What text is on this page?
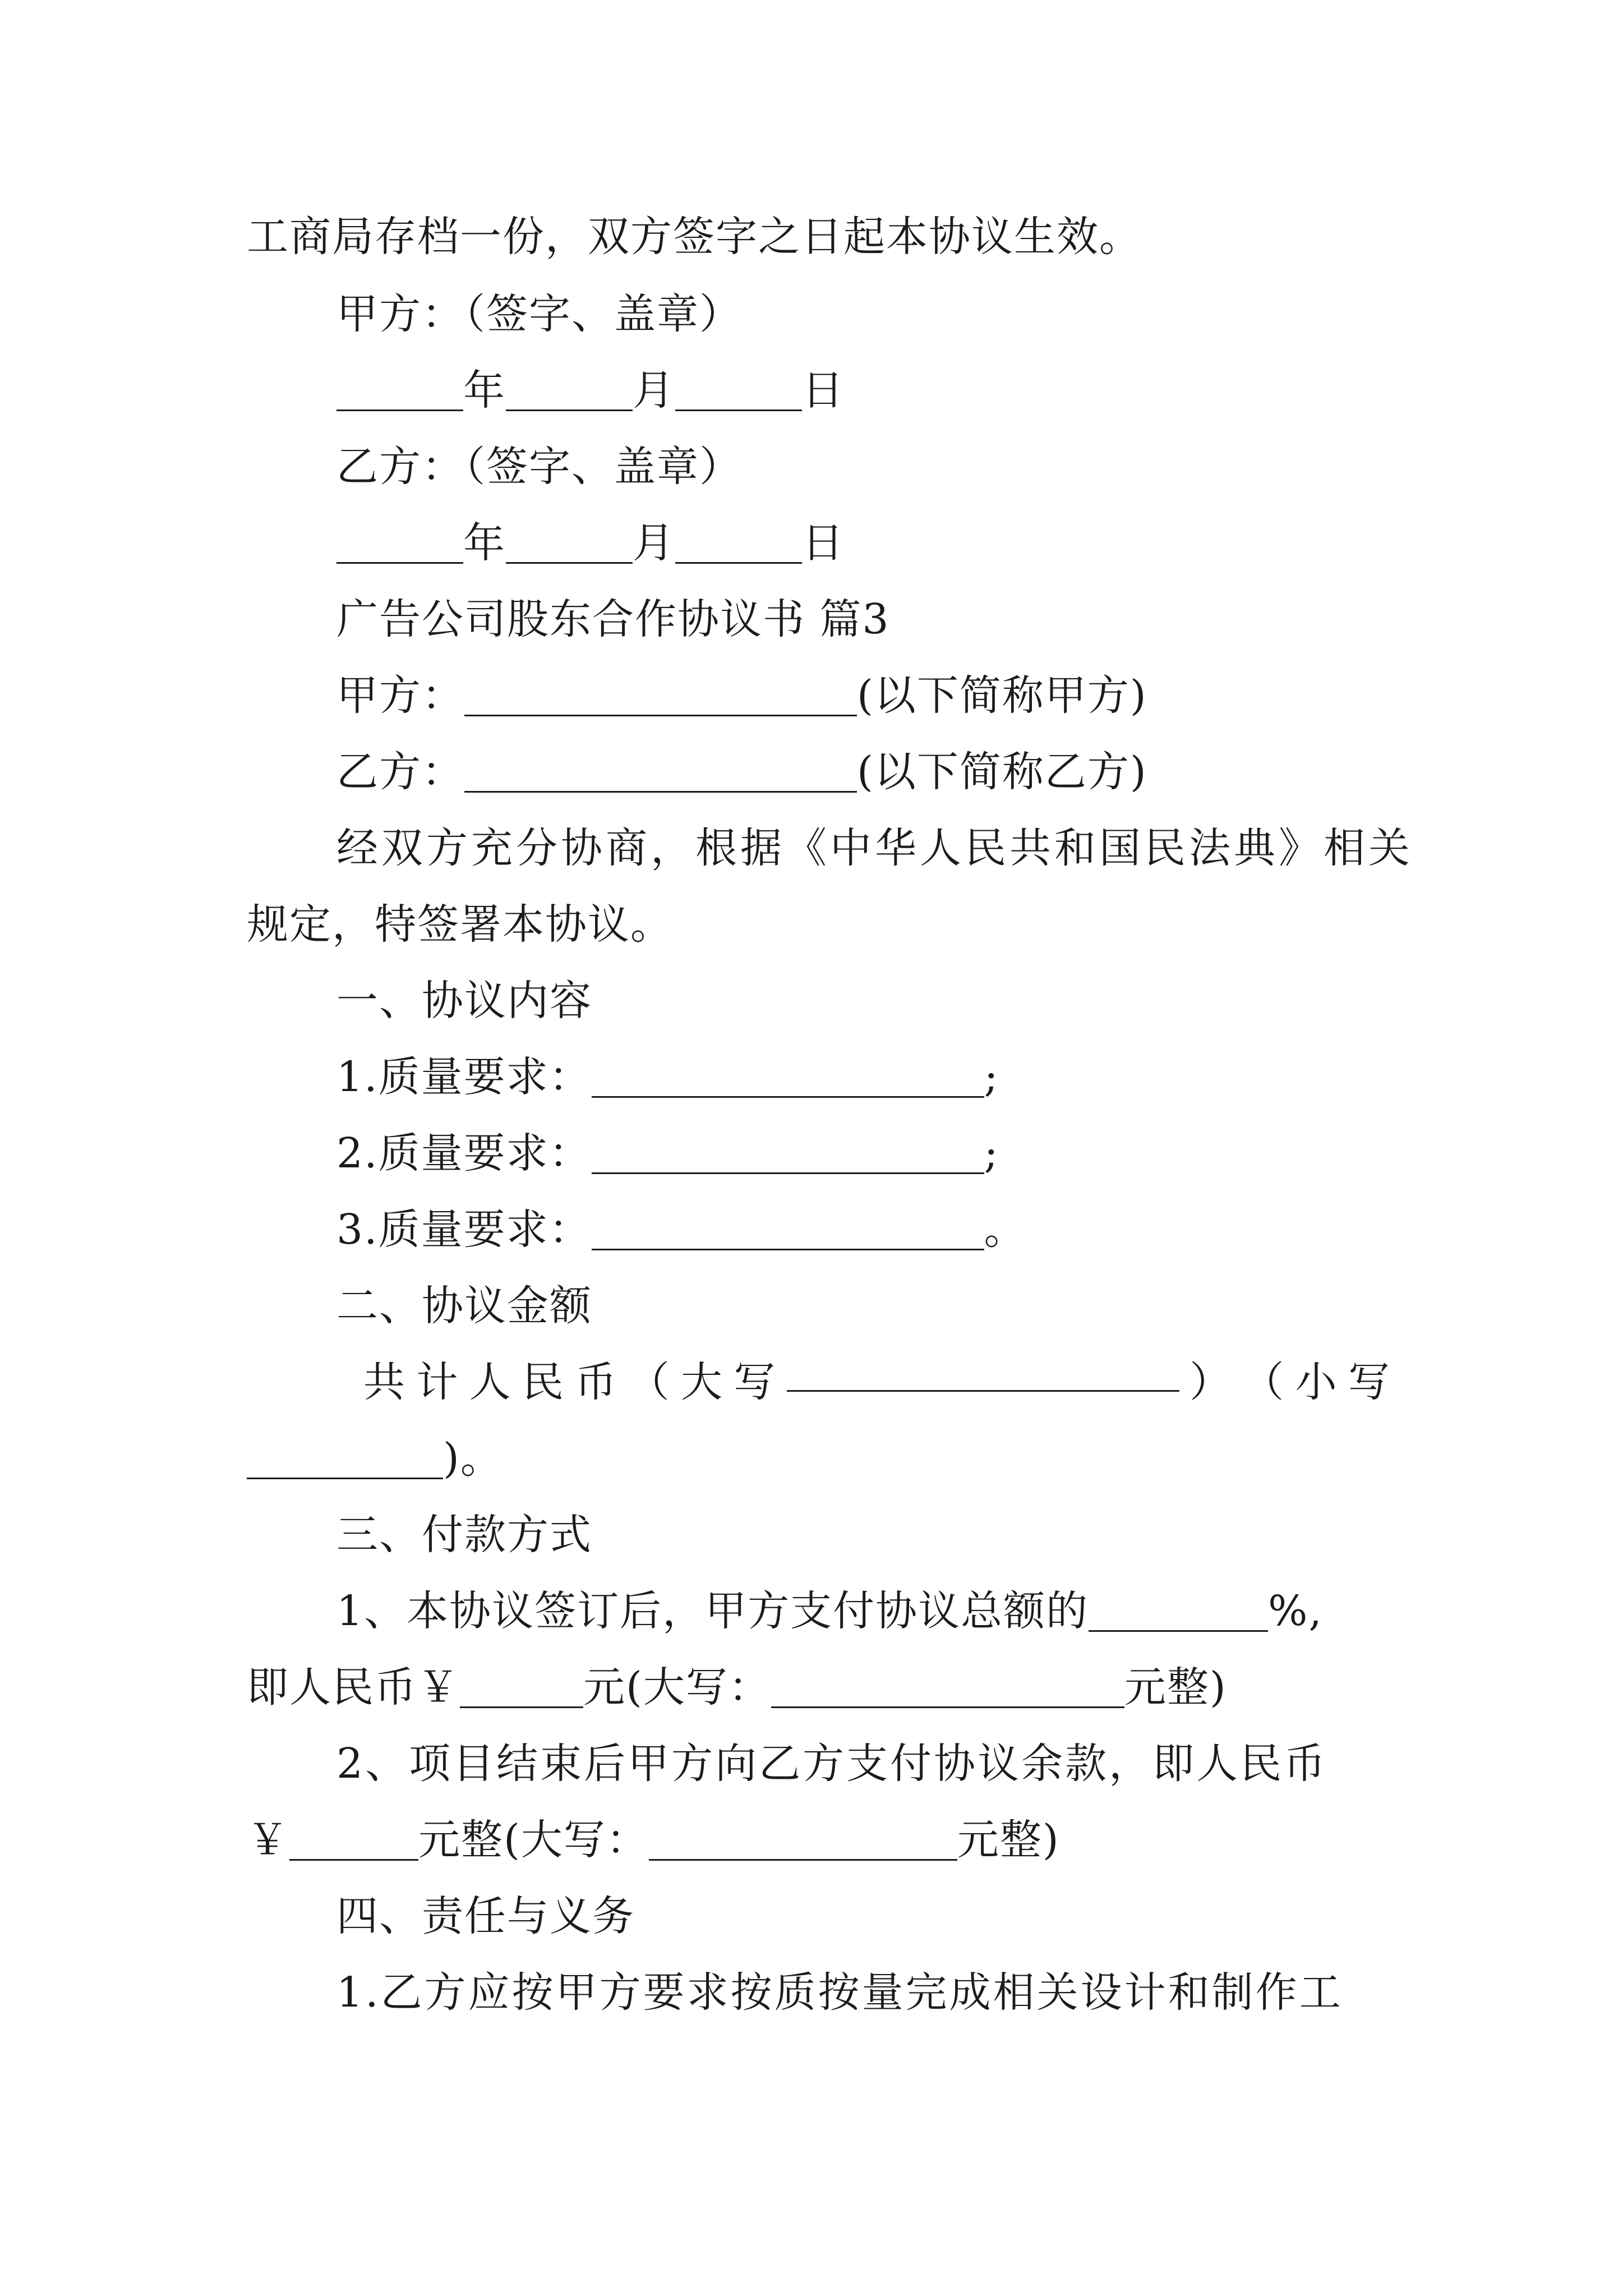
工商局存档一份，双方签字之日起本协议生效。
甲方：（签字、盖章）
年	月	日
乙方：（签字、盖章）
年	月	日
广告公司股东合作协议书 篇3
甲方：	(以下简称甲方)
乙方：	(以下简称乙方)
经双方充分协商，根据《中华人民共和国民法典》相关
规定，特签署本协议。
一、协议内容
1.质量要求：	;
2.质量要求：	;
3.质量要求：	。
二、协议金额
共 计 人 民 币 （ 大 写	） （ 小 写
)。
三、付款方式
1、本协议签订后，甲方支付协议总额的	%,
即人民币￥	元(大写：	元整)
2、项目结束后甲方向乙方支付协议余款，即人民币
￥	元整(大写：	元整)
四、责任与义务
1.乙方应按甲方要求按质按量完成相关设计和制作工
